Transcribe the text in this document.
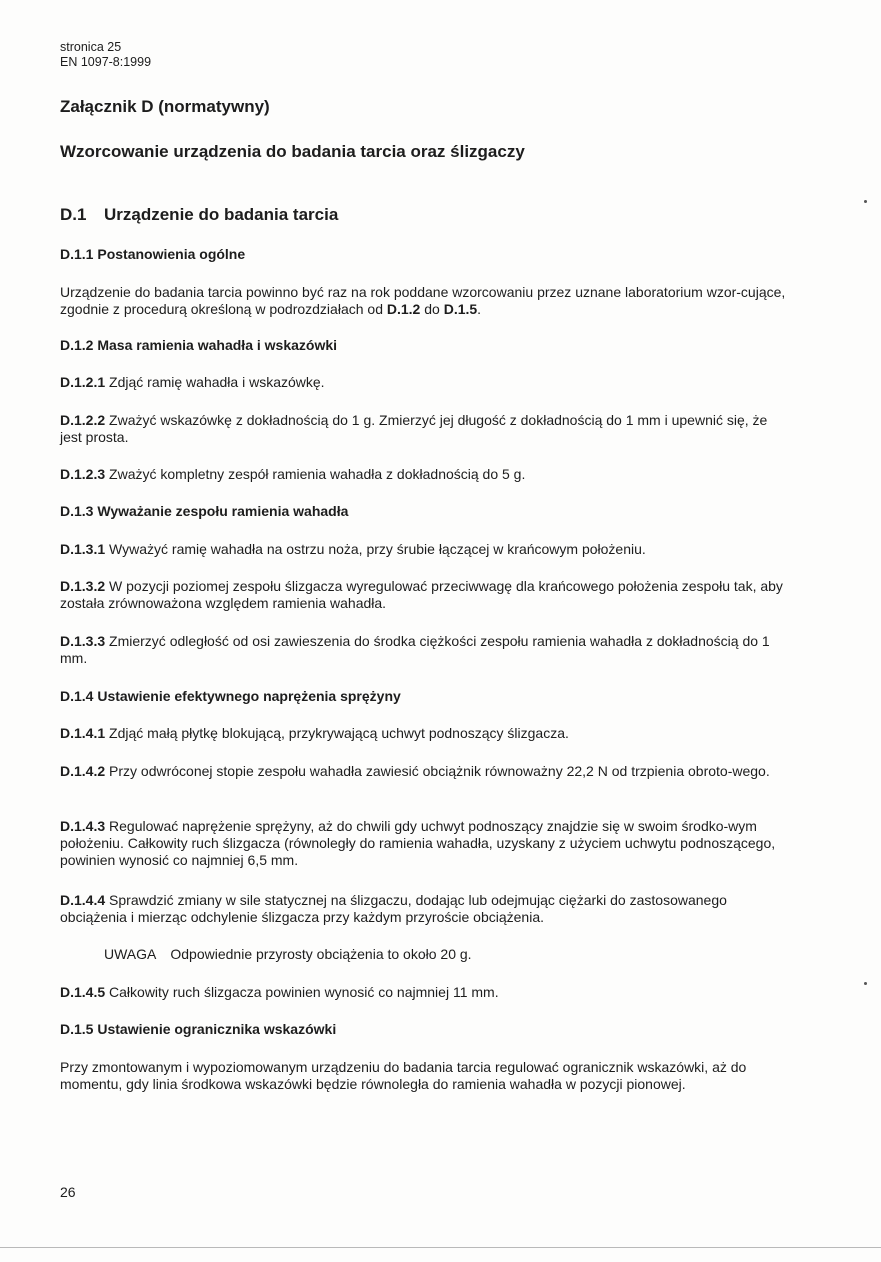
stronica 25
EN 1097-8:1999
Załącznik D (normatywny)
Wzorcowanie urządzenia do badania tarcia oraz ślizgaczy
D.1 Urządzenie do badania tarcia
D.1.1 Postanowienia ogólne
Urządzenie do badania tarcia powinno być raz na rok poddane wzorcowaniu przez uznane laboratorium wzor-cujące, zgodnie z procedurą określoną w podrozdziałach od D.1.2 do D.1.5.
D.1.2 Masa ramienia wahadła i wskazówki
D.1.2.1 Zdjąć ramię wahadła i wskazówkę.
D.1.2.2 Zważyć wskazówkę z dokładnością do 1 g. Zmierzyć jej długość z dokładnością do 1 mm i upewnić się, że jest prosta.
D.1.2.3 Zważyć kompletny zespół ramienia wahadła z dokładnością do 5 g.
D.1.3 Wyważanie zespołu ramienia wahadła
D.1.3.1 Wyważyć ramię wahadła na ostrzu noża, przy śrubie łączącej w krańcowym położeniu.
D.1.3.2 W pozycji poziomej zespołu ślizgacza wyregulować przeciwwagę dla krańcowego położenia zespołu tak, aby została zrównoważona względem ramienia wahadła.
D.1.3.3 Zmierzyć odległość od osi zawieszenia do środka ciężkości zespołu ramienia wahadła z dokładnością do 1 mm.
D.1.4 Ustawienie efektywnego naprężenia sprężyny
D.1.4.1 Zdjąć małą płytkę blokującą, przykrywającą uchwyt podnoszący ślizgacza.
D.1.4.2 Przy odwróconej stopie zespołu wahadła zawiesić obciążnik równoważny 22,2 N od trzpienia obroto-wego.
D.1.4.3 Regulować naprężenie sprężyny, aż do chwili gdy uchwyt podnoszący znajdzie się w swoim środko-wym położeniu. Całkowity ruch ślizgacza (równoległy do ramienia wahadła, uzyskany z użyciem uchwytu podnoszącego, powinien wynosić co najmniej 6,5 mm.
D.1.4.4 Sprawdzić zmiany w sile statycznej na ślizgaczu, dodając lub odejmując ciężarki do zastosowanego obciążenia i mierząc odchylenie ślizgacza przy każdym przyroście obciążenia.
UWAGA Odpowiednie przyrosty obciążenia to około 20 g.
D.1.4.5 Całkowity ruch ślizgacza powinien wynosić co najmniej 11 mm.
D.1.5 Ustawienie ogranicznika wskazówki
Przy zmontowanym i wypoziomowanym urządzeniu do badania tarcia regulować ogranicznik wskazówki, aż do momentu, gdy linia środkowa wskazówki będzie równoległa do ramienia wahadła w pozycji pionowej.
26
